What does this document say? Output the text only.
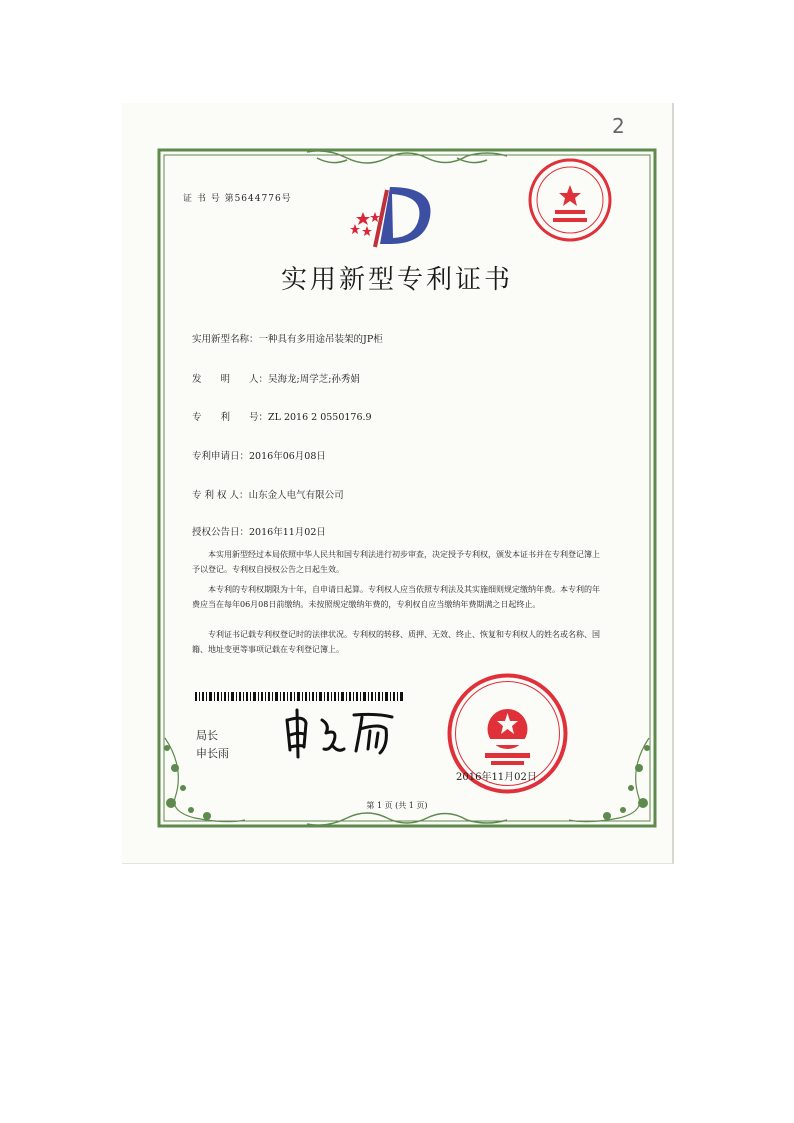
2
证 书 号 第5644776号
实用新型专利证书
实用新型名称：一种具有多用途吊装架的JP柜
发　　明　　人：吴海龙;周学芝;孙秀娟
专　　利　　号：ZL 2016 2 0550176.9
专利申请日：2016年06月08日
专 利 权 人：山东金人电气有限公司
授权公告日：2016年11月02日
本实用新型经过本局依照中华人民共和国专利法进行初步审查，决定授予专利权，颁发本证书并在专利登记簿上予以登记。专利权自授权公告之日起生效。
本专利的专利权期限为十年，自申请日起算。专利权人应当依照专利法及其实施细则规定缴纳年费。本专利的年费应当在每年06月08日前缴纳。未按照规定缴纳年费的，专利权自应当缴纳年费期满之日起终止。
专利证书记载专利权登记时的法律状况。专利权的转移、质押、无效、终止、恢复和专利权人的姓名或名称、国籍、地址变更等事项记载在专利登记簿上。
局长
申长雨
2016年11月02日
第 1 页 (共 1 页)
